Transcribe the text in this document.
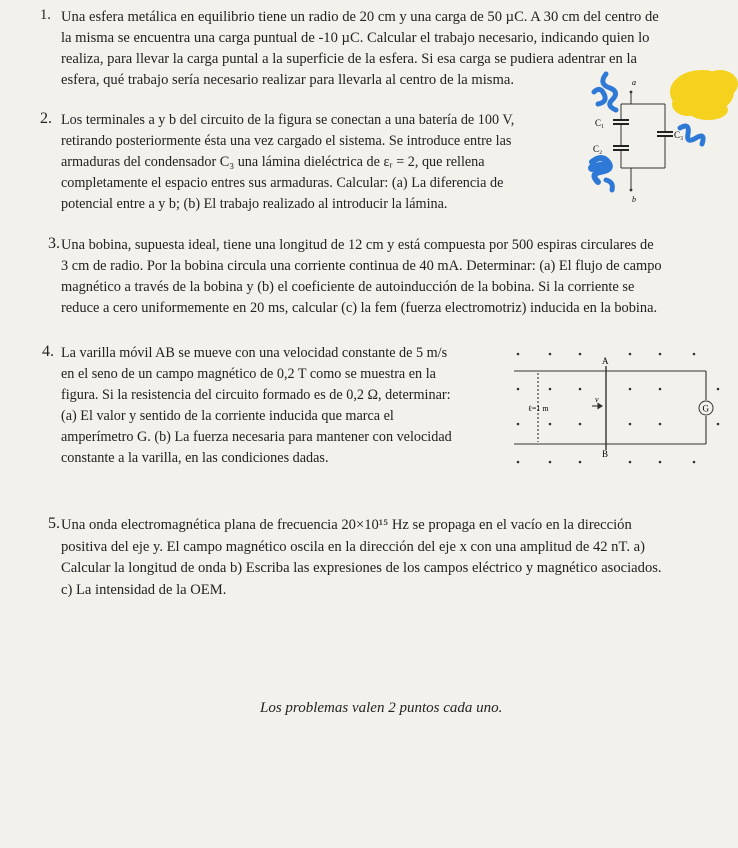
1. Una esfera metálica en equilibrio tiene un radio de 20 cm y una carga de 50 µC. A 30 cm del centro de
la misma se encuentra una carga puntual de -10 µC. Calcular el trabajo necesario, indicando quien lo
realiza, para llevar la carga puntal a la superficie de la esfera. Si esa carga se pudiera adentrar en la
esfera, qué trabajo sería necesario realizar para llevarla al centro de la misma.
2. Los terminales a y b del circuito de la figura se conectan a una batería de 100 V,
retirando posteriormente ésta una vez cargado el sistema. Se introduce entre las
armaduras del condensador C₃ una lámina dieléctrica de εᵣ = 2, que rellena
completamente el espacio entres sus armaduras. Calcular: (a) La diferencia de
potencial entre a y b; (b) El trabajo realizado al introducir la lámina.
a
b
C₁
C₂
C₃
3. Una bobina, supuesta ideal, tiene una longitud de 12 cm y está compuesta por 500 espiras circulares de
3 cm de radio. Por la bobina circula una corriente continua de 40 mA. Determinar: (a) El flujo de campo
magnético a través de la bobina y (b) el coeficiente de autoinducción de la bobina. Si la corriente se
reduce a cero uniformemente en 20 ms, calcular (c) la fem (fuerza electromotriz) inducida en la bobina.
4. La varilla móvil AB se mueve con una velocidad constante de 5 m/s
en el seno de un campo magnético de 0,2 T como se muestra en la
figura. Si la resistencia del circuito formado es de 0,2 Ω, determinar:
(a) El valor y sentido de la corriente inducida que marca el
amperímetro G. (b) La fuerza necesaria para mantener con velocidad
constante a la varilla, en las condiciones dadas.
G
A
B
ℓ=1 m
v
5. Una onda electromagnética plana de frecuencia 20×10¹⁵ Hz se propaga en el vacío en la dirección
positiva del eje y. El campo magnético oscila en la dirección del eje x con una amplitud de 42 nT. a)
Calcular la longitud de onda b) Escriba las expresiones de los campos eléctrico y magnético asociados.
c) La intensidad de la OEM.
Los problemas valen 2 puntos cada uno.
